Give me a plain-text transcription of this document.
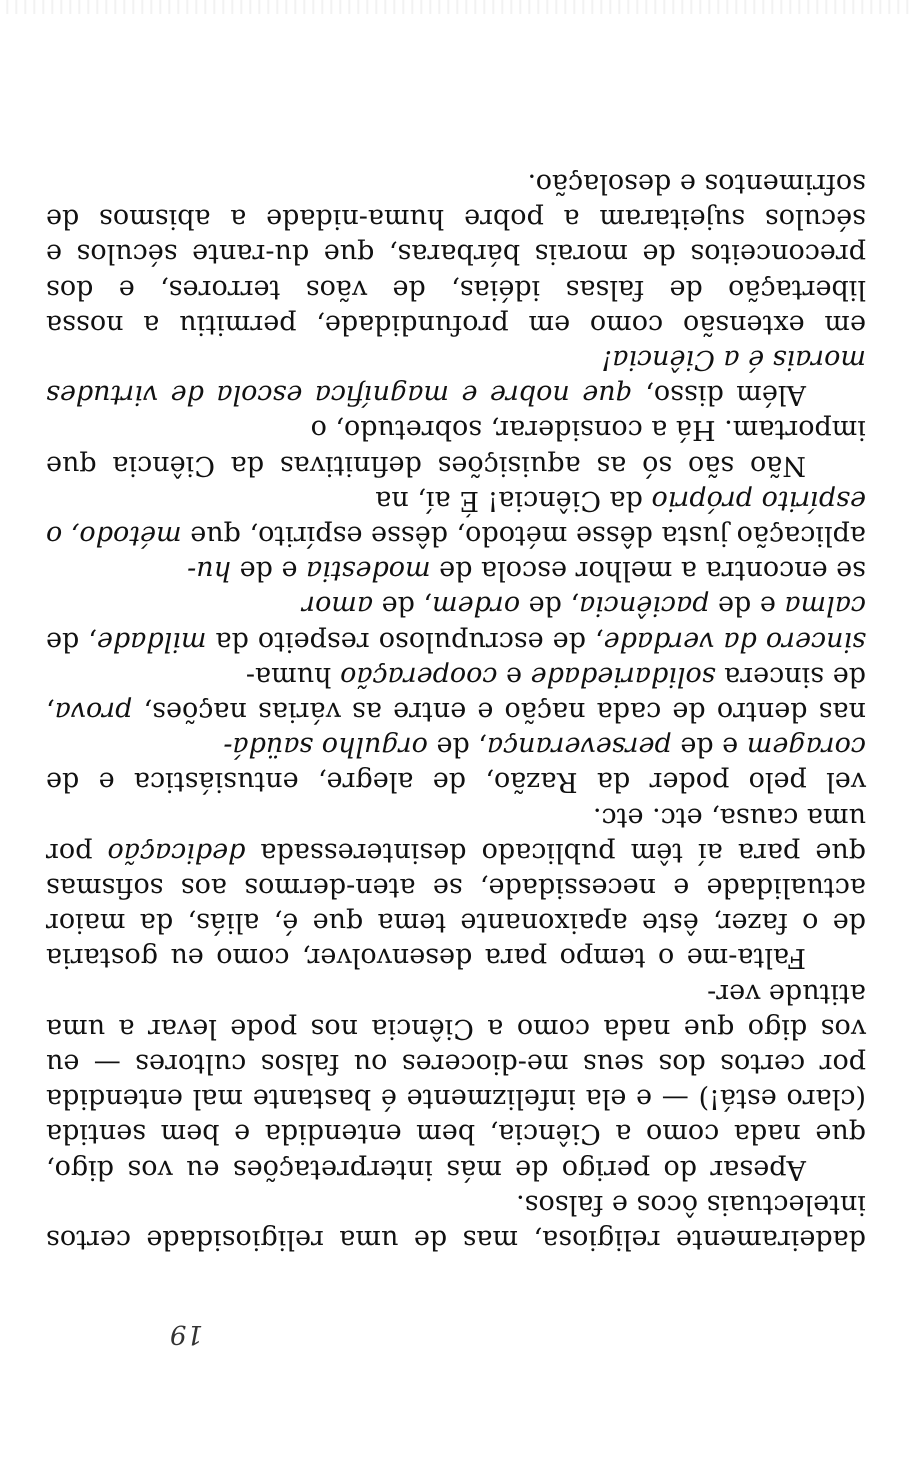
19

dadeiramente religiosa, mas de uma religiosidade certos intelectuais ôcos e falsos.

Apesar do perigo de más interpretações eu vos digo, que nada como a Ciência, bem entendida e bem sentida (claro está!) — e ela infelizmente é bastante mal entendida por certos dos seus me-dioceres ou falsos cultores — eu vos digo que nada como a Ciência nos pode levar a uma atitude ver-

Falta-me o tempo para desenvolver, como eu gostaria de o fazer, êste apaixonante tema que é, aliás, da maior actualidade e necessidade, se aten-dermos aos sofismas que para aí têm publicado desinteressada dedicação por uma causa, etc. etc.

vel pelo poder da Razão, de alegre, entusiástica e de coragem e de perseverança, de orgulho saüdá-

nas dentro de cada nação e entre as várias nações, prova, de sincera solidariedade e cooperação huma-

sincero da verdade, de escrupuloso respeito da mildade, de calma e de paciência, de ordem, de amor

se encontra a melhor escola de modestia e de hu-

aplicação justa dêsse método, dêsse espírito, que método, o espírito próprio da Ciência! É aí, na

Não são só as aquisições definitivas da Ciência que importam. Há a considerar, sobretudo, o

Além disso, que nobre e magnífica escola de virtudes morais é a Ciência!

em extensão como em profundidade, permitiu a nossa libertação de falsas idéias, de vãos terrores, e dos preconceitos de morais bárbaras, que du-rante séculos e séculos sujeitaram a pobre huma-nidade a abismos de sofrimentos e desolação.
